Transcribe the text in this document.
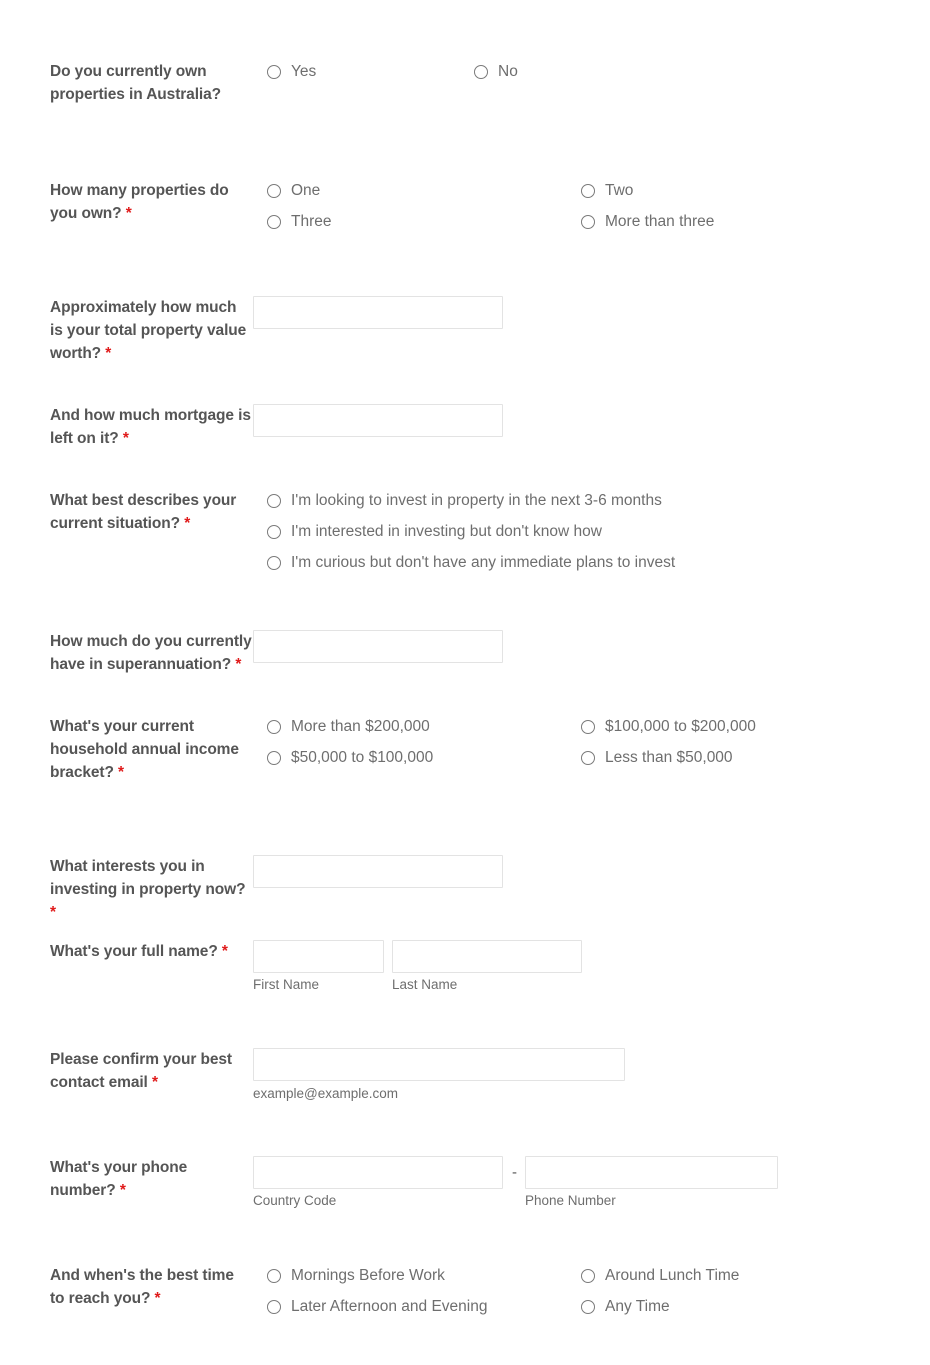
Do you currently own properties in Australia?
Yes	No
How many properties do you own? *
One	Two
Three	More than three
Approximately how much is your total property value worth? *
And how much mortgage is left on it? *
What best describes your current situation? *
I'm looking to invest in property in the next 3-6 months
I'm interested in investing but don't know how
I'm curious but don't have any immediate plans to invest
How much do you currently have in superannuation? *
What's your current household annual income bracket? *
More than $200,000	$100,000 to $200,000
$50,000 to $100,000	Less than $50,000
What interests you in investing in property now? *
What's your full name? *
First Name	Last Name
Please confirm your best contact email *
example@example.com
What's your phone number? *
Country Code
-
Phone Number
And when's the best time to reach you? *
Mornings Before Work	Around Lunch Time
Later Afternoon and Evening	Any Time
